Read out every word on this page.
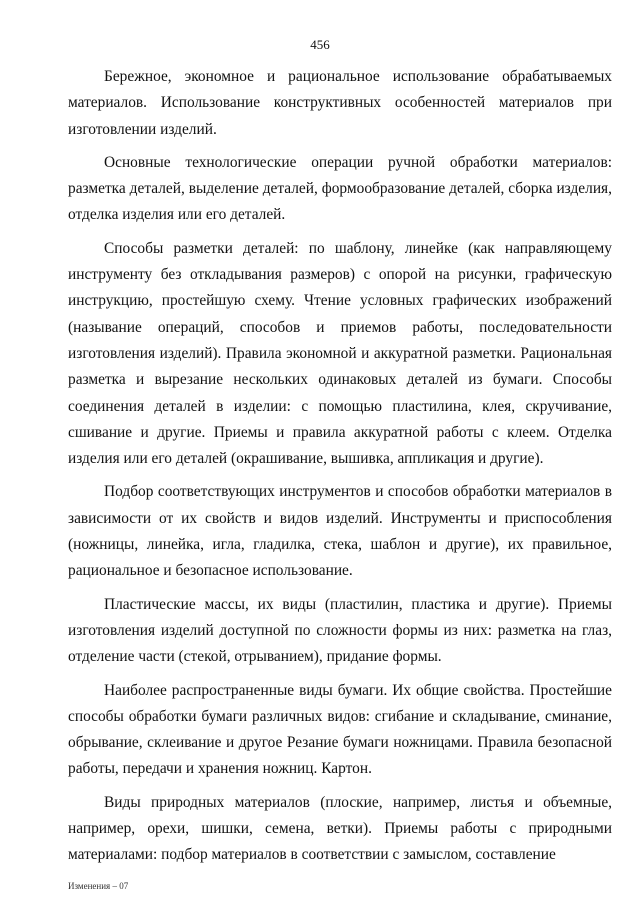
456

Бережное, экономное и рациональное использование обрабатываемых материалов. Использование конструктивных особенностей материалов при изготовлении изделий.

Основные технологические операции ручной обработки материалов: разметка деталей, выделение деталей, формообразование деталей, сборка изделия, отделка изделия или его деталей.

Способы разметки деталей: по шаблону, линейке (как направляющему инструменту без откладывания размеров) с опорой на рисунки, графическую инструкцию, простейшую схему. Чтение условных графических изображений (называние операций, способов и приемов работы, последовательности изготовления изделий). Правила экономной и аккуратной разметки. Рациональная разметка и вырезание нескольких одинаковых деталей из бумаги. Способы соединения деталей в изделии: с помощью пластилина, клея, скручивание, сшивание и другие. Приемы и правила аккуратной работы с клеем. Отделка изделия или его деталей (окрашивание, вышивка, аппликация и другие).

Подбор соответствующих инструментов и способов обработки материалов в зависимости от их свойств и видов изделий. Инструменты и приспособления (ножницы, линейка, игла, гладилка, стека, шаблон и другие), их правильное, рациональное и безопасное использование.

Пластические массы, их виды (пластилин, пластика и другие). Приемы изготовления изделий доступной по сложности формы из них: разметка на глаз, отделение части (стекой, отрыванием), придание формы.

Наиболее распространенные виды бумаги. Их общие свойства. Простейшие способы обработки бумаги различных видов: сгибание и складывание, сминание, обрывание, склеивание и другое Резание бумаги ножницами. Правила безопасной работы, передачи и хранения ножниц. Картон.

Виды природных материалов (плоские, например, листья и объемные, например, орехи, шишки, семена, ветки). Приемы работы с природными материалами: подбор материалов в соответствии с замыслом, составление

Изменения – 07
